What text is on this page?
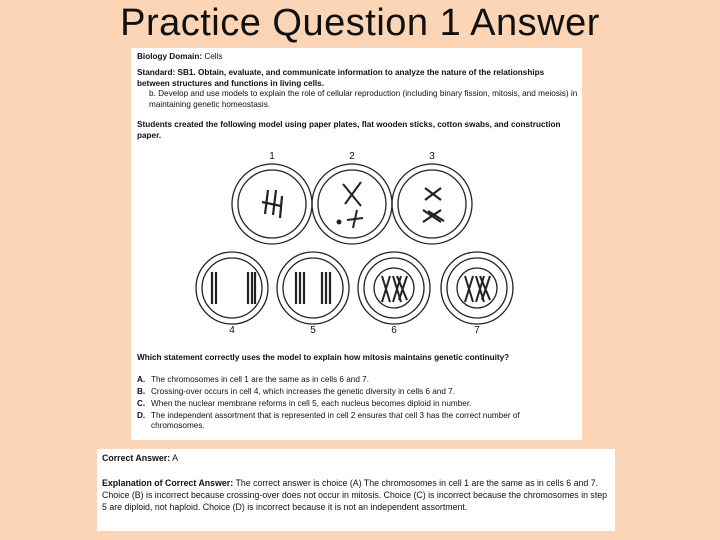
Practice Question 1 Answer
Biology Domain: Cells
Standard: SB1. Obtain, evaluate, and communicate information to analyze the nature of the relationships between structures and functions in living cells.
b. Develop and use models to explain the role of cellular reproduction (including binary fission, mitosis, and meiosis) in maintaining genetic homeostasis.
Students created the following model using paper plates, flat wooden sticks, cotton swabs, and construction paper.
1	2	3
4	5	6	7
Which statement correctly uses the model to explain how mitosis maintains genetic continuity?
A. The chromosomes in cell 1 are the same as in cells 6 and 7.
B. Crossing-over occurs in cell 4, which increases the genetic diversity in cells 6 and 7.
C. When the nuclear membrane reforms in cell 5, each nucleus becomes diploid in number.
D. The independent assortment that is represented in cell 2 ensures that cell 3 has the correct number of chromosomes.
Correct Answer: A
Explanation of Correct Answer: The correct answer is choice (A) The chromosomes in cell 1 are the same as in cells 6 and 7. Choice (B) is incorrect because crossing-over does not occur in mitosis. Choice (C) is incorrect because the chromosomes in step 5 are diploid, not haploid. Choice (D) is incorrect because it is not an independent assortment.
